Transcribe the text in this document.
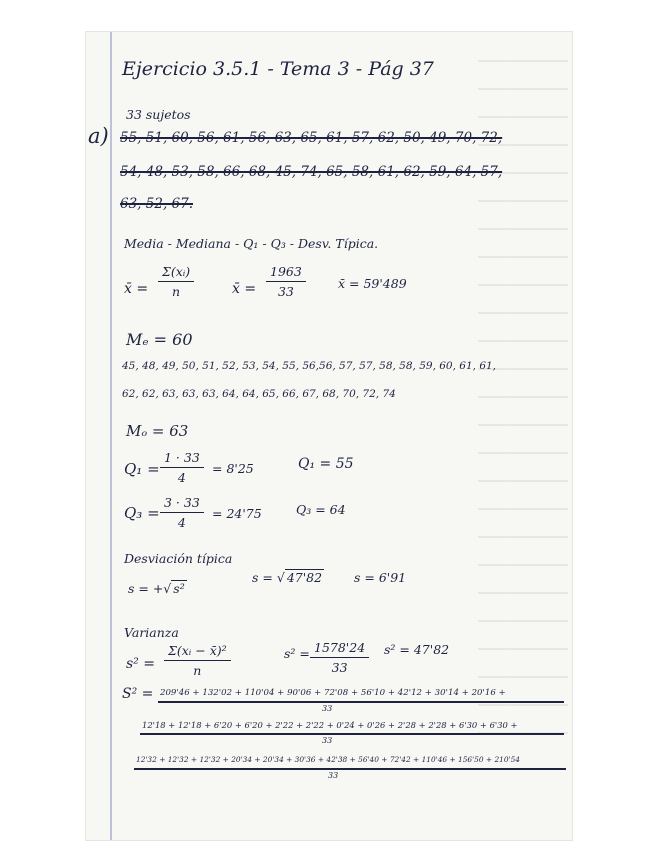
Ejercicio 3.5.1 - Tema 3 - Pág 37
a)
33 sujetos
55, 51, 60, 56, 61, 56, 63, 65, 61, 57, 62, 50, 49, 70, 72,
54, 48, 53, 58, 66, 68, 45, 74, 65, 58, 61, 62, 59, 64, 57,
63, 52, 67.
Media - Mediana - Q₁ - Q₃ - Desv. Típica.
x̄ = $\frac{\text{Σ(xᵢ)}}{n}$	x̄ = $\frac{1963}{33}$	x̄ = 59'489
Mₑ = 60
45, 48, 49, 50, 51, 52, 53, 54, 55, 56,56, 57, 57, 58, 58, 59, 60, 61, 61,
62, 62, 63, 63, 63, 64, 64, 65, 66, 67, 68, 70, 72, 74
Mₒ = 63
$Q_1 = \frac{1 \cdot 33}{4} = 8'25$	Q₁ = 55
$Q_3 = \frac{3 \cdot 33}{4} = 24'75$	Q₃ = 64
Desviación típica
s = +√ s²
s = √ 47'82	s = 6'91
Varianza
$s^2 = \frac{\text{Σ(xᵢ − x̄)²}}{n}$	$s^2 = \frac{1578'24}{33} s^2 = 47'82$
S² = 209'46 + 132'02 + 110'04 + 90'06 + 72'08 + 56'10 + 42'12 + 30'14 + 20'16 +
33
12'18 + 12'18 + 6'20 + 6'20 + 2'22 + 2'22 + 0'24 + 0'26 + 2'28 + 2'28 + 6'30 + 6'30 +
33
12'32 + 12'32 + 12'32 + 20'34 + 20'34 + 30'36 + 42'38 + 56'40 + 72'42 + 110'46 + 156'50 + 210'54
33
